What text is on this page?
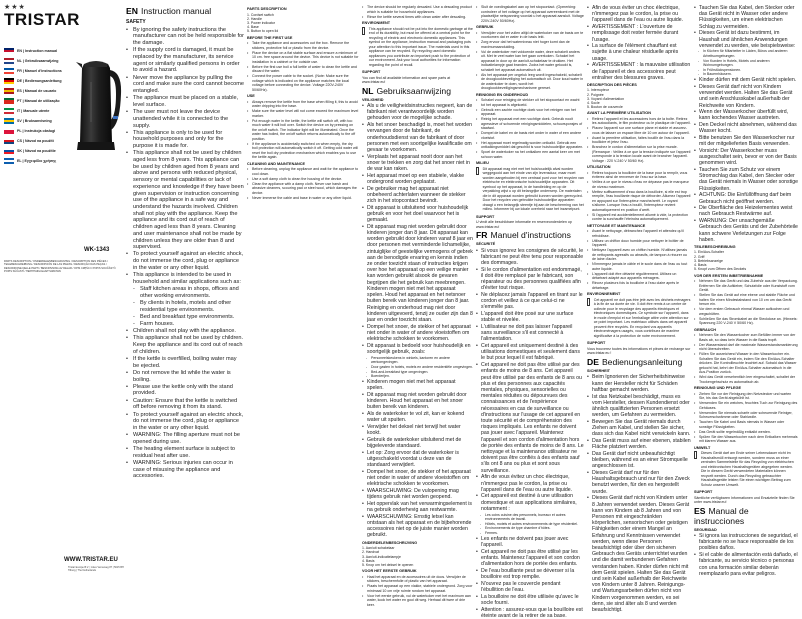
★★★
TRISTAR
EN | Instruction manual
NL | Gebruiksaanwijzing
FR | Manuel d'instructions
DE | Bedienungsanleitung
ES | Manual de usuario
PT | Manual de utilização
IT | Manuale utente
SV | Bruksanvisning
PL | Instrukcja obsługi
CS | Návod na použití
SK | Návod na použitie
EL | Εγχειρίδιο χρήσης
WK-1343
PARTS DESCRIPTION / ONDERDELENBESCHRIJVING / DESCRIPTION DES PIÈCES / TEILEBESCHREIBUNG / DESCRIPCIÓN DE LAS PIEZAS / DESCRIÇÃO DAS PEÇAS / DESCRIZIONE DELLE PARTI / BESKRIVNING AV DELAR / OPIS CZĘŚCI / POPIS SOUČÁSTÍ / POPIS SÚČASTÍ / ΠΕΡΙΓΡΑΦΗ ΕΞΑΡΤΗΜΑΤΩΝ
WWW.TRISTAR.EU
Tristar Europe B.V. | Jules Verneweg 87 | 5015 BH Tilburg | The Netherlands
EN Instruction manual
SAFETY
• By ignoring the safety instructions the manufacturer can not be held responsible for the damage.
• If the supply cord is damaged, it must be replaced by the manufacturer, its service agent or similarly qualified persons in order to avoid a hazard.
• Never move the appliance by pulling the cord and make sure the cord cannot become entangled.
• The appliance must be placed on a stable, level surface.
• The user must not leave the device unattended while it is connected to the supply.
• This appliance is only to be used for household purposes and only for the purpose it is made for.
• This appliance shall not be used by children aged less from 8 years. This appliance can be used by children aged from 8 years and above and persons with reduced physical, sensory or mental capabilities or lack of experience and knowledge if they have been given supervision or instruction concerning use of the appliance in a safe way and understand the hazards involved. Children shall not play with the appliance. Keep the appliance and its cord out of reach of children aged less than 8 years. Cleaning and user maintenance shall not be made by children unless they are older than 8 and supervised.
• To protect yourself against an electric shock, do not immerse the cord, plug or appliance in the water or any other liquid.
• This appliance is intended to be used in household and similar applications such as:
- Staff kitchen areas in shops, offices and other working environments.
- By clients in hotels, motels and other residential type environments.
- Bed and breakfast type environments.
- Farm houses.
• Children shall not play with the appliance.
• This appliance shall not be used by children. Keep the appliance and its cord out of reach of children.
• If the kettle is overfilled, boiling water may be ejected.
• Do not remove the lid while the water is boiling.
• Please use the kettle only with the stand provided.
• Caution: Ensure that the kettle is switched off before removing it from its stand.
• To protect yourself against an electric shock, do not immerse the cord, plug or appliance in the water or any other liquid.
• WARNING: The filling aperture must not be opened during use.
• The heating element surface is subject to residual heat after use.
• WARNING: Serious injuries can occur in case of misusing the appliance and accessories.
PARTS DESCRIPTION
1. Cordset switch
2. Handle
3. Power indicator
4. Base
5. Button to open lid
BEFORE THE FIRST USE
• Take the appliance and accessories out the box. Remove the stickers, protective foil or plastic from the device.
• Place the device on a flat stable surface and ensure a minimum of 10 cm. free space around the device. This device is not suitable for installation in a cabinet or for outside use.
• Before the first use boil a full kettle of water to clean the kettle and discard the water.
• Connect the power cable to the socket. (Note: Make sure the voltage which is indicated on the appliance matches the local voltage before connecting the device. Voltage 220V-240V 50/60Hz).
USE
• Always remove the kettle from the base when filling it, this to avoid water dripping into the base.
• Make sure the water level will not come exceed the maximum level marker.
• Put enough water in the kettle, the kettle will switch off, with too much water it will boil over. Switch the device on by pressing on the on/off switch. The indicator light will be illuminated. Once the water has boiled, the on/off switch returns automatically to the off position.
• If the appliance is accidentally switched on when empty, the dry boil protection will automatically switch it off. Getting cold water will reset the boil dry protection mechanism which enables you to use the kettle again.
CLEANING AND MAINTENANCE
• Before cleaning, unplug the appliance and wait for the appliance to cool down.
• Use a soft damp cloth to clean the housing of the device.
• Clean the appliance with a damp cloth. Never use harsh and abrasive cleaners, scouring pad or steel wool, which damages the device.
• Never immerse the cable and base in water or any other liquid.
• The device should be regularly descaled. Use a descaling product which is suitable for household appliances.
• Rinse the kettle several times with clean water after descaling.
ENVIRONMENT

This appliance should not be put into the domestic garbage at the end of its durability, but must be offered at a central point for the recycling of electric and electronic domestic appliances. This symbol on the appliance, instruction manual and packaging puts your attention to this important issue. The materials used in this appliance can be recycled. By recycling used domestic appliances you contribute an important push to the protection of our environment. Ask your local authorities for information regarding the point of recall.

SUPPORT

You can find all available information and spare parts at www.tristar.eu!

NL Gebruiksaanwijzing
VEILIGHEID
• Als u de veiligheidsinstructies negeert, kan de fabrikant niet verantwoordelijk worden gehouden voor de mogelijke schade.
• Als het snoer beschadigd is, moet het worden vervangen door de fabrikant, de onderhoudsdienst van de fabrikant of door personen met een soortgelijke kwalificatie om gevaar te voorkomen.
• Verplaats het apparaat nooit door aan het snoer te trekken en zorg dat het snoer niet in de war kan raken.
• Het apparaat moet op een stabiele, vlakke ondergrond worden geplaatst.
• De gebruiker mag het apparaat niet onbeheerd achterlaten wanneer de stekker zich in het stopcontact bevindt.
• Dit apparaat is uitsluitend voor huishoudelijk gebruik en voor het doel waarvoor het is gemaakt.
• Dit apparaat mag niet worden gebruikt door kinderen jonger dan 8 jaar. Dit apparaat kan worden gebruikt door kinderen vanaf 8 jaar en door personen met verminderde lichamelijke, zintuiglijke of geestelijke vermogens of gebrek aan de benodigde ervaring en kennis indien ze onder toezicht staan of instructies krijgen over hoe het apparaat op een veilige manier kan worden gebruikt alsook de gevaren begrijpen die het gebruik kan meebrengen. Kinderen mogen niet met het apparaat spelen. Houd het apparaat en het netsnoer buiten bereik van kinderen jonger dan 8 jaar. Reiniging en onderhoud mag niet door kinderen uitgevoerd, tenzij ze ouder zijn dan 8 jaar en onder toezicht staan.
• Dompel het snoer, de stekker of het apparaat niet onder in water of andere vloeistoffen om elektrische schokken te voorkomen.
• Dit apparaat is bedoeld voor huishoudelijk en soortgelijk gebruik, zoals:
- Personeelskeukens in winkels, kantoren en andere werkomgevingen.
- Door gasten in hotels, motels en andere residentiële omgevingen.
- Bed-and-breakfast type omgevingen.
- Boerderijen.
• Kinderen mogen niet met het apparaat spelen.
• Dit apparaat mag niet worden gebruikt door kinderen. Houd het apparaat en het snoer buiten bereik van kinderen.
• Als de waterkoker te vol zit, kan er kokend water uit spuiten.
• Verwijder het deksel niet terwijl het water kookt.
• Gebruik de waterkoker uitsluitend met de bijgeleverde standaard.
• Let op: Zorg ervoor dat de waterkoker is uitgeschakeld voordat u deze van de standaard verwijdert.
• Dompel het snoer, de stekker of het apparaat niet onder in water of andere vloeistoffen om elektrische schokken te voorkomen.
• WAARSCHUWING: De vulopening mag tijdens gebruik niet worden geopend.
• Het oppervlak van het verwarmingselement is na gebruik onderhevig aan restwarmte.
• WAARSCHUWING: Ernstig letsel kan ontstaan als het apparaat en de bijbehorende accessoires niet op de juiste manier worden gebruikt.
ONDERDELENBESCHRIJVING
1. Aan/uit schakelaar
2. Handvat
3. Aan/uit-indicatielampje
4. Basis
5. Knop om het deksel te openen
VOOR HET EERSTE GEBRUIK
• Haal het apparaat en de accessoires uit de doos. Verwijder de stickers, beschermfolie of plastic van het apparaat.
• Plaats het apparaat op een vlakke, stabiele ondergrond. Zorg voor minimaal 10 cm vrije ruimte rondom het apparaat.
• Voor het eerste gebruik, vul de waterkoker met het maximum aan water, kook het water en gooi dit weg. Herhaal dit twee of drie keer.
• Sluit de voedingskabel aan op het stopcontact. (Opmerking: controleer of het voltage op het apparaat overeenkomt met de plaatselijke netspanning voordat u het apparaat aansluit. Voltage 220V-240V 50/60Hz).
GEBRUIK
• Verwijder voor het vullen altijd de waterkoker van de basis om te voorkomen dat er water in de basis lekt.
• Zorg ervoor dat het waterniveau niet hoger komt dan de maximumaanduiding.
• Vul de waterkoker met voldoende water, deze schakelt anders uit. Met te veel water kan het gaan overkoken. Schakel het apparaat in door op de aan/uit-schakelaar te drukken. Het indicatielampje gaat branden. Zodra het water gekookt is, schakelt het apparaat automatisch uit.
• Als het apparaat per ongeluk leeg wordt ingeschakeld, schakelt de droogkookbeveiliging het automatisch uit. Door koud water in de waterkoker te doen, wordt het droogkookbeveiligingsmechanisme gereset.
REINIGING EN ONDERHOUD
• Schakel voor reiniging de stekker uit het stopcontact en wacht tot het apparaat is afgekoeld.
• Gebruik een zachte vochtige doek voor het reinigen van het apparaat.
• Reinig het apparaat met een vochtige doek. Gebruik nooit agressieve of schurende reinigingsmiddelen, schuursponsjes of staalwol.
• Dompel de kabel en de basis niet onder in water of een andere vloeistof.
• Het apparaat moet regelmatig worden ontkalkt. Gebruik een ontkalkingsmiddel dat geschikt is voor huishoudelijke apparaten.
• Spoel de waterkoker na het ontkalken een aantal keer om met schoon water.
MILIEU

Dit apparaat mag niet met het huishoudelijk afval worden weggegooid aan het einde van zijn levensduur, maar moet worden aangeboden bij een centraal punt voor het recyclen van elektrische en elektronische huishoudelijke apparaten. Dit symbool op het apparaat, in de handleiding en op de verpakking wijst u op dit belangrijke onderwerp. De materialen die in dit apparaat worden gebruikt kunnen worden gerecycled. Door het recyclen van gebruikte huishoudelijke apparaten draagt u een belangrijk steentje bij aan de bescherming van het milieu. Informeer bij uw lokale overheid naar het inzamelpunt.

SUPPORT

U vindt alle beschikbare informatie en reserveonderdelen op www.tristar.eu!

FR Manuel d'instructions
SÉCURITÉ
• Si vous ignorez les consignes de sécurité, le fabricant ne peut être tenu pour responsable des dommages.
• Si le cordon d'alimentation est endommagé, il doit être remplacé par le fabricant, son réparateur ou des personnes qualifiées afin d'éviter tout risque.
• Ne déplacez jamais l'appareil en tirant sur le cordon et veillez à ce que celui-ci ne s'emmêle pas.
• L'appareil doit être posé sur une surface stable et nivelée.
• L'utilisateur ne doit pas laisser l'appareil sans surveillance s'il est connecté à l'alimentation.
• Cet appareil est uniquement destiné à des utilisations domestiques et seulement dans le but pour lequel il est fabriqué.
• Cet appareil ne doit pas être utilisé par des enfants de moins de 8 ans. Cet appareil peut être utilisé par des enfants de 8 ans ou plus et des personnes aux capacités mentales, physiques, sensorielles ou mentales réduites ou dépourvues des connaissances et de l'expérience nécessaires en cas de surveillance ou d'instructions sur l'usage de cet appareil en toute sécurité et de compréhension des risques impliqués. Les enfants ne doivent pas jouer avec l'appareil. Maintenez l'appareil et son cordon d'alimentation hors de portée des enfants de moins de 8 ans. Le nettoyage et la maintenance utilisateur ne doivent pas être confiés à des enfants sauf s'ils ont 8 ans ou plus et sont sous surveillance.
• Afin de vous évitez un choc électrique, n'immergez pas le cordon, la prise ou l'appareil dans de l'eau ou autre liquide.
• Cet appareil est destiné à une utilisation domestique et aux applications similaires, notamment :
- Les coins cuisine des personnels, bureaux et autres environnements de travail.
- Hôtels, motels et autres environnements de type résidentiel.
- Environnements de type chambre d'hôtes.
- Fermes.
• Les enfants ne doivent pas jouer avec l'appareil.
• Cet appareil ne doit pas être utilisé par les enfants. Maintenez l'appareil et son cordon d'alimentation hors de portée des enfants.
• De l'eau bouillante peut se déverser si la bouilloire est trop remplie.
• N'ouvrez pas le couvercle pendant l'ébullition de l'eau.
• La bouilloire ne doit être utilisée qu'avec le socle fourni.
• Attention : assurez-vous que la bouilloire est éteinte avant de la retirer de sa base.
• Afin de vous éviter un choc électrique, n'immergez pas le cordon, la prise ou l'appareil dans de l'eau ou autre liquide.
• AVERTISSEMENT : L'ouverture de remplissage doit rester fermée durant l'usage.
• La surface de l'élément chauffant est sujette à une chaleur résiduelle après usage.
• AVERTISSEMENT : la mauvaise utilisation de l'appareil et des accessoires peut entraîner des blessures graves.
DESCRIPTION DES PIÈCES
1. Interrupteur
2. Poignée
3. Voyant d'alimentation
4. Socle
5. Bouton de couvercle
AVANT LA PREMIÈRE UTILISATION
• Retirez l'appareil et les accessoires hors de la boîte. Retirez les autocollants, le film protecteur ou le plastique de l'appareil.
• Placez l'appareil sur une surface plane et stable et assurez-vous de laisser un espace libre de 10 cm autour de l'appareil.
• Avant la première utilisation, faites bouillir de l'eau dans la bouilloire et jetez l'eau.
• Branchez le cordon d'alimentation sur la prise murale. (Remarque : Veillez à ce que la tension indiquée sur l'appareil corresponde à la tension locale avant de brancher l'appareil. Voltage : 220 V-240 V 50/60 Hz).
UTILISATION
• Retirez toujours la bouilloire de la base pour la remplir, vous éviterez ainsi de renverser de l'eau sur la base.
• Veillez à ce que le niveau d'eau ne dépasse pas le marqueur de niveau maximum.
• Mettez suffisamment d'eau dans la bouilloire, si elle est trop remplie, l'eau bouillante risque de déborder. Allumez l'appareil en appuyant sur l'interrupteur marche/arrêt. Le voyant s'allume. Lorsque l'eau a bouilli, l'interrupteur revient automatiquement en position d'arrêt.
• Si l'appareil est accidentellement allumé à vide, la protection contre la surchauffe l'éteindra automatiquement.
NETTOYAGE ET MAINTENANCE
• Avant le nettoyage, débranchez l'appareil et attendez qu'il refroidisse.
• Utilisez un chiffon doux humide pour nettoyer le boîtier de l'appareil.
• Nettoyez l'appareil avec un chiffon humide. N'utilisez jamais de nettoyants agressifs ou abrasifs, de tampon à récurer ou de laine d'acier.
• N'immergez jamais le câble et le socle dans de l'eau ou tout autre liquide.
• L'appareil doit être détartré régulièrement. Utilisez un détartrant adapté aux appareils ménagers.
• Rincez plusieurs fois la bouilloire à l'eau claire après le détartrage.
ENVIRONNEMENT

Cet appareil ne doit pas être jeté avec les déchets ménagers à la fin de sa durée de vie. Il doit être remis à un centre de collecte pour le recyclage des appareils électriques et électroniques domestiques. Ce symbole sur l'appareil, dans le mode d'emploi et sur l'emballage attire votre attention sur ce point important. Les matériaux utilisés dans cet appareil peuvent être recyclés. En recyclant vos appareils électroménagers usagés, vous contribuez de manière significative à la protection de notre environnement.

SUPPORT

Vous trouverez toutes les informations et pièces de rechange sur www.tristar.eu !

DE Bedienungsanleitung
SICHERHEIT
• Beim Ignorieren der Sicherheitshinweise kann der Hersteller nicht für Schäden haftbar gemacht werden.
• Ist das Netzkabel beschädigt, muss es vom Hersteller, dessen Kundendienst oder ähnlich qualifizierten Personen ersetzt werden, um Gefahren zu vermeiden.
• Bewegen Sie das Gerät niemals durch Ziehen am Kabel, und stellen Sie sicher, dass sich das Kabel nicht verwickeln kann.
• Das Gerät muss auf einer ebenen, stabilen Fläche platziert werden.
• Das Gerät darf nicht unbeaufsichtigt bleiben, während es an einer Stromquelle angeschlossen ist.
• Dieses Gerät darf nur für den Haushaltsgebrauch und nur für den Zweck benutzt werden, für den es hergestellt wurde.
• Dieses Gerät darf nicht von Kindern unter 8 Jahren verwendet werden. Dieses Gerät kann von Kindern ab 8 Jahren und von Personen mit eingeschränkten körperlichen, sensorischen oder geistigen Fähigkeiten oder einem Mangel an Erfahrung und Kenntnissen verwendet werden, wenn diese Personen beaufsichtigt oder über den sicheren Gebrauch des Geräts unterrichtet wurden und die damit verbundenen Gefahren verstanden haben. Kinder dürfen nicht mit dem Gerät spielen. Halten Sie das Gerät und sein Kabel außerhalb der Reichweite von Kindern unter 8 Jahren. Reinigungs- und Wartungsarbeiten dürfen nicht von Kindern vorgenommen werden, es sei denn, sie sind älter als 8 und werden beaufsichtigt.
• Tauchen Sie das Kabel, den Stecker oder das Gerät nicht in Wasser oder andere Flüssigkeiten, um einen elektrischen Schlag zu vermeiden.
• Dieses Gerät ist dazu bestimmt, im Haushalt und ähnlichen Anwendungen verwendet zu werden, wie beispielsweise:
- In Küchen für Mitarbeiter in Läden, Büros und anderen Arbeitsumgebungen.
- Von Kunden in Hotels, Motels und anderen Wohnumgebungen.
- In Frühstückspensionen.
- In Bauernhäusern.
• Kinder dürfen mit dem Gerät nicht spielen.
• Dieses Gerät darf nicht von Kindern verwendet werden. Halten Sie das Gerät und sein Anschlusskabel außerhalb der Reichweite von Kindern.
• Wenn der Wasserkocher überfüllt wird, kann kochendes Wasser austreten.
• Den Deckel nicht abnehmen, während das Wasser kocht.
• Bitte benutzen Sie den Wasserkocher nur mit der mitgelieferten Basis verwenden.
• Vorsicht: Der Wasserkocher muss ausgeschaltet sein, bevor er von der Basis genommen wird.
• Tauchen Sie zum Schutz vor einem Stromschlag das Kabel, den Stecker oder das Gerät niemals in Wasser oder sonstige Flüssigkeiten.
• ACHTUNG: Die Einfüllöffnung darf beim Gebrauch nicht geöffnet werden.
• Die Oberfläche des Heizelementes weist nach Gebrauch Restwärme auf.
• WARNUNG: Der unsachgemäße Gebrauch des Geräts und der Zubehörteile kann schwere Verletzungen zur Folge haben.
TEILEBESCHREIBUNG
1. Ein/Aus-Schalter
2. Griff
3. Betriebsanzeige
4. Basis
5. Knopf zum Öffnen des Deckels
VOR DER ERSTEN INBETRIEBNAHME
• Nehmen Sie das Gerät und das Zubehör aus der Verpackung. Entfernen Sie die Aufkleber, Schutzfolie oder Kunststoff vom Gerät.
• Stellen Sie das Gerät auf eine ebene und stabile Fläche und halten Sie einen Mindestabstand von 10 cm um das Gerät herum ein.
• Vor dem ersten Gebrauch einmal Wasser aufkochen und wegschütten.
• Schließen Sie das Stromkabel an die Steckdose an. (Hinweis: Spannung 220 V-240 V 50/60 Hz).
GEBRAUCH
• Nehmen Sie den Wasserkocher zum Befüllen immer von der Basis ab, so dass kein Wasser in die Basis tropft.
• Der Wasserstand darf die maximale Wasserstandsmarkierung nicht überschreiten.
• Füllen Sie ausreichend Wasser in den Wasserkocher ein. Schalten Sie das Gerät ein, indem Sie den Ein/Aus-Schalter drücken. Die Kontrollleuchte leuchtet auf. Sobald das Wasser gekocht hat, kehrt der Ein/Aus-Schalter automatisch in die Aus-Position zurück.
• Wird das Gerät versehentlich leer eingeschaltet, schaltet der Trockengehschutz es automatisch ab.
REINIGUNG UND PFLEGE
• Ziehen Sie vor der Reinigung den Netzstecker und warten Sie, bis das Gerät abgekühlt ist.
• Verwenden Sie ein weiches, feuchtes Tuch zur Reinigung des Gehäuses.
• Verwenden Sie niemals scharfe oder scheuernde Reiniger, Scheuerschwämme oder Stahlwolle.
• Tauchen Sie Kabel und Basis niemals in Wasser oder sonstige Flüssigkeiten.
• Das Gerät sollte regelmäßig entkalkt werden.
• Spülen Sie den Wasserkocher nach dem Entkalken mehrmals mit klarem Wasser aus.
UMWELT

Dieses Gerät darf am Ende seiner Lebensdauer nicht im Haushaltsmüll entsorgt werden, sondern muss an einer zentralen Sammelstelle für das Recycling von elektrischen und elektronischen Haushaltsgeräten abgegeben werden. Die in diesem Gerät verwendeten Materialien können recycelt werden. Durch das Recycling gebrauchter Haushaltsgeräte leisten Sie einen wichtigen Beitrag zum Schutz unserer Umwelt.

SUPPORT

Sämtliche verfügbaren Informationen und Ersatzteile finden Sie unter www.tristar.eu!

ES Manual de instrucciones
SEGURIDAD
• Si ignora las instrucciones de seguridad, el fabricante no se hace responsable de los posibles daños.
• Si el cable de alimentación está dañado, el fabricante, su servicio técnico o personas con una formación similar deberán reemplazarlo para evitar peligros.
